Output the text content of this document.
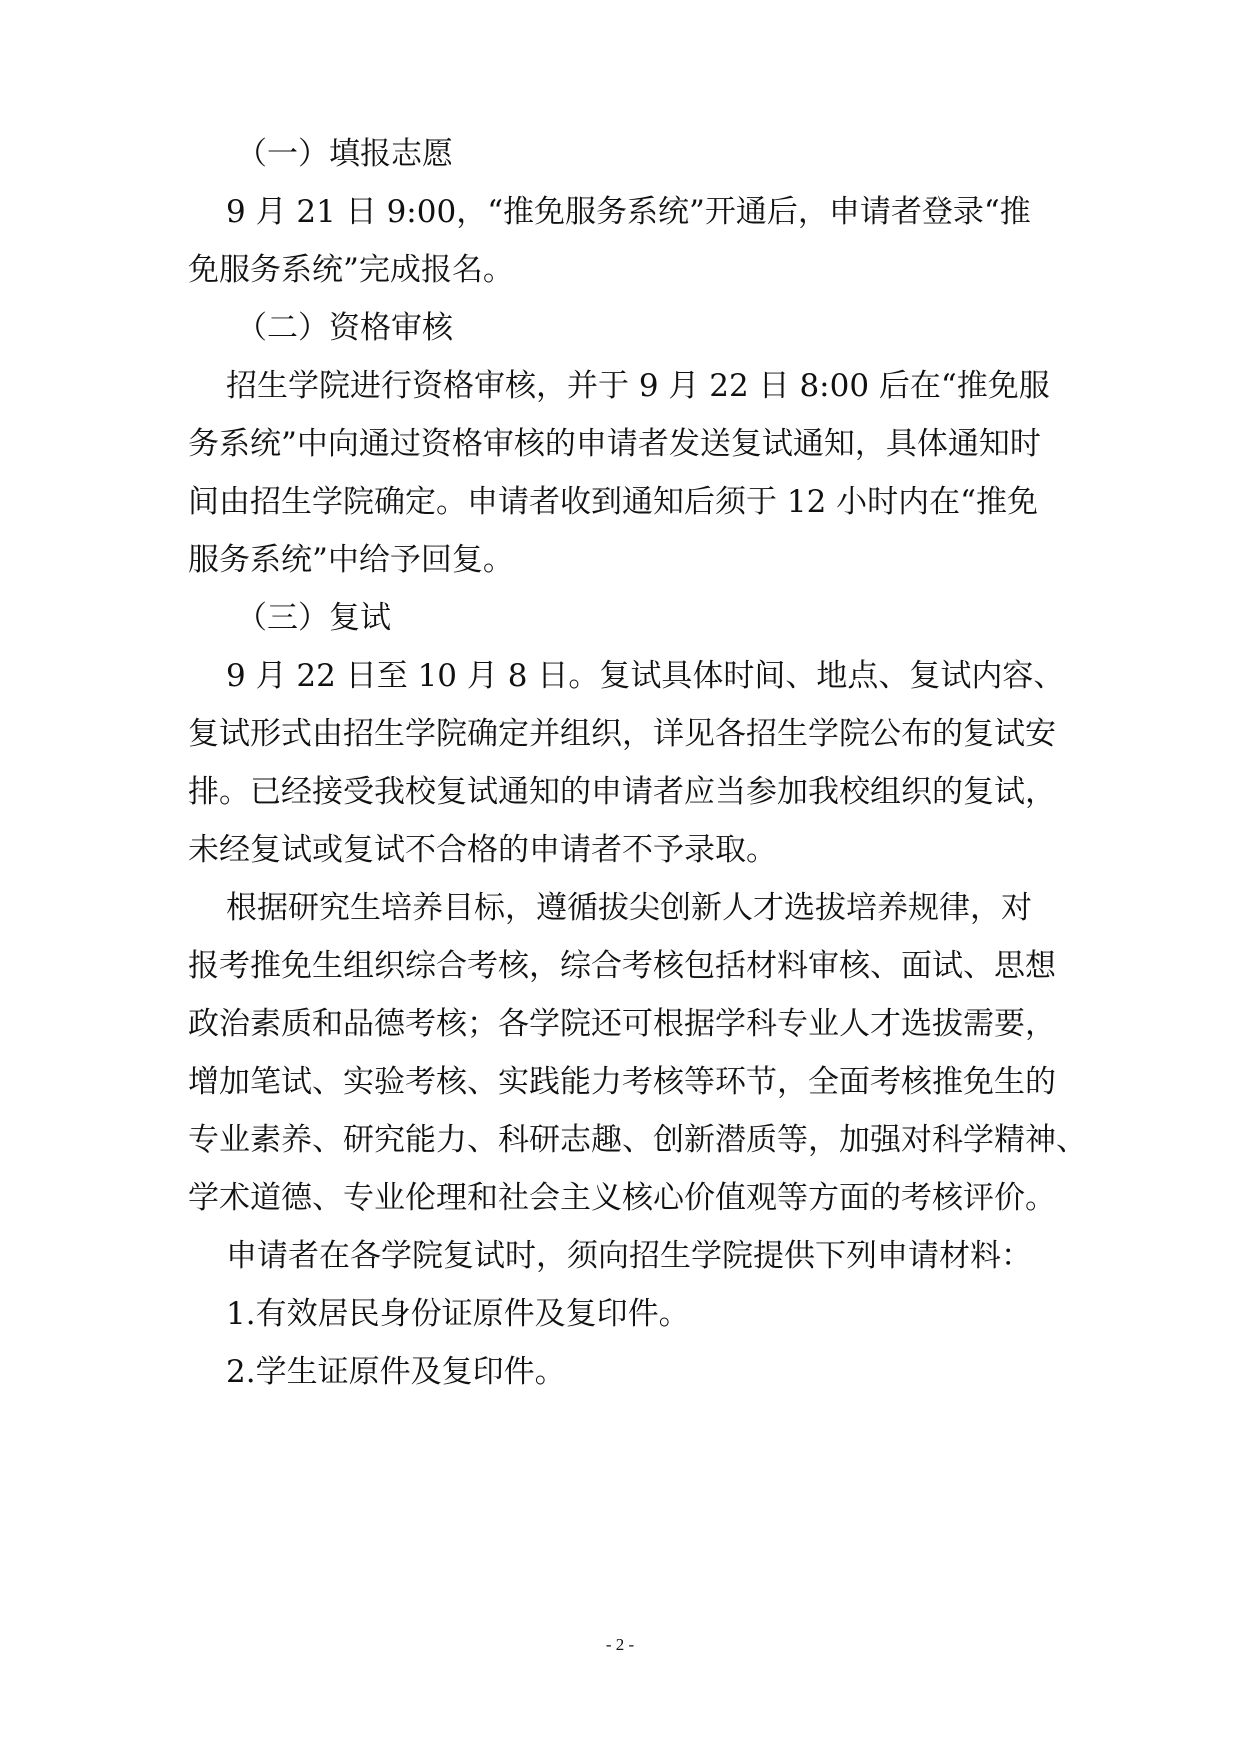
（一）填报志愿
9 月 21 日 9:00，“推免服务系统”开通后，申请者登录“推
免服务系统”完成报名。
（二）资格审核
招生学院进行资格审核，并于 9 月 22 日 8:00 后在“推免服
务系统”中向通过资格审核的申请者发送复试通知，具体通知时
间由招生学院确定。申请者收到通知后须于 12 小时内在“推免
服务系统”中给予回复。
（三）复试
9 月 22 日至 10 月 8 日。复试具体时间、地点、复试内容、
复试形式由招生学院确定并组织，详见各招生学院公布的复试安
排。已经接受我校复试通知的申请者应当参加我校组织的复试，
未经复试或复试不合格的申请者不予录取。
根据研究生培养目标，遵循拔尖创新人才选拔培养规律，对
报考推免生组织综合考核，综合考核包括材料审核、面试、思想
政治素质和品德考核；各学院还可根据学科专业人才选拔需要，
增加笔试、实验考核、实践能力考核等环节，全面考核推免生的
专业素养、研究能力、科研志趣、创新潜质等，加强对科学精神、
学术道德、专业伦理和社会主义核心价值观等方面的考核评价。
申请者在各学院复试时，须向招生学院提供下列申请材料：
1.有效居民身份证原件及复印件。
2.学生证原件及复印件。
- 2 -
